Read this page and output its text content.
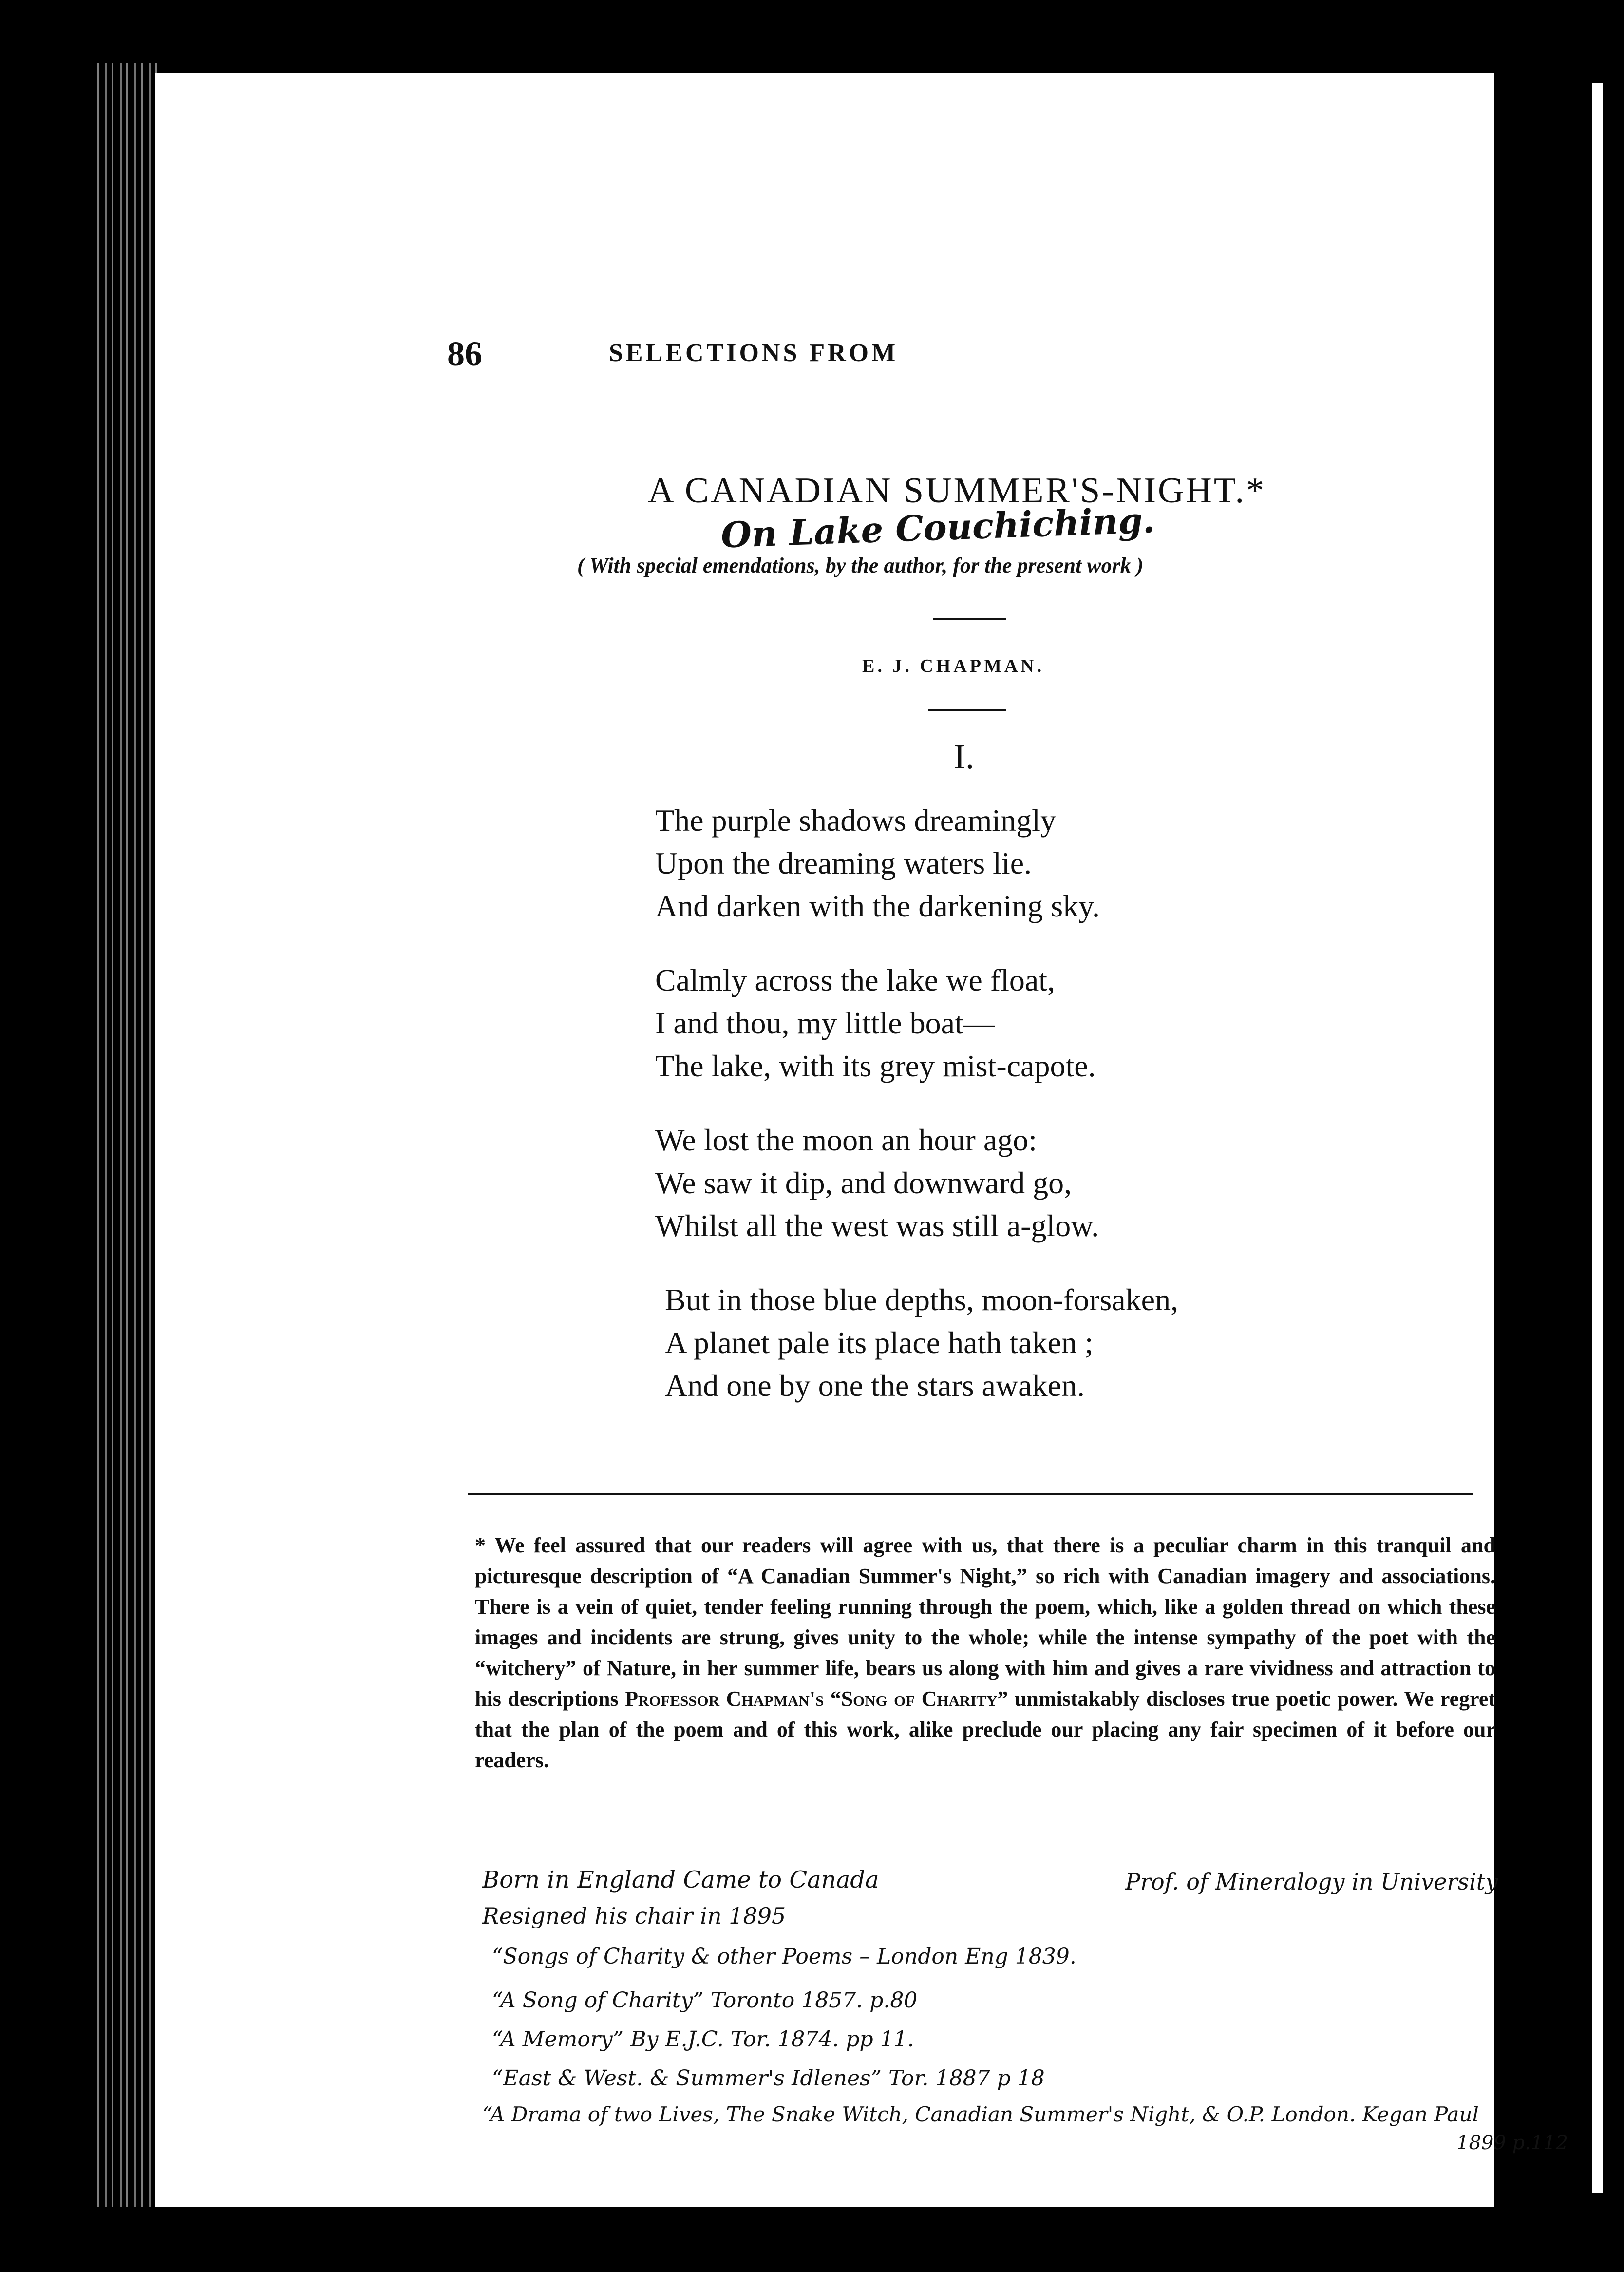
86	SELECTIONS FROM
A CANADIAN SUMMER'S-NIGHT.*
On Lake Couchiching.
( With special emendations, by the author, for the present work )
E. J. CHAPMAN.
I.
The purple shadows dreamingly
Upon the dreaming waters lie.
And darken with the darkening sky.
Calmly across the lake we float,
I and thou, my little boat—
The lake, with its grey mist-capote.
We lost the moon an hour ago:
We saw it dip, and downward go,
Whilst all the west was still a-glow.
But in those blue depths, moon-forsaken,
A planet pale its place hath taken ;
And one by one the stars awaken.
* We feel assured that our readers will agree with us, that there is a peculiar charm in this tranquil and picturesque description of “A Canadian Summer's Night,” so rich with Canadian imagery and associations. There is a vein of quiet, tender feeling running through the poem, which, like a golden thread on which these images and incidents are strung, gives unity to the whole; while the intense sympathy of the poet with the “witchery” of Nature, in her summer life, bears us along with him and gives a rare vividness and attraction to his descriptions Professor Chapman's “Song of Charity” unmistakably discloses true poetic power. We regret that the plan of the poem and of this work, alike preclude our placing any fair specimen of it before our readers.
Born in England Came to Canada
Resigned his chair in 1895
Prof. of Mineralogy in University
“Songs of Charity & other Poems – London Eng 1839.
“A Song of Charity” Toronto 1857. p.80
“A Memory” By E.J.C. Tor. 1874. pp 11.
“East & West. & Summer's Idlenes” Tor. 1887 p 18
“A Drama of two Lives, The Snake Witch, Canadian Summer's Night, & O.P. London. Kegan Paul
1899 p.112
